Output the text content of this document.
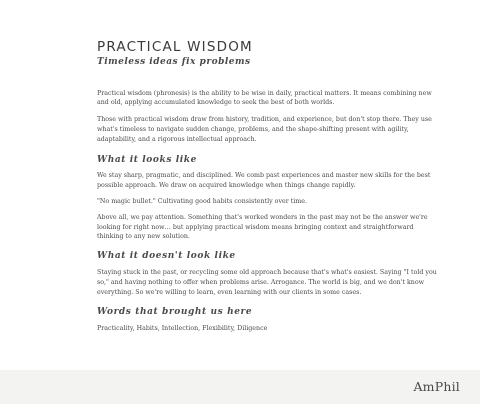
PRACTICAL WISDOM
Timeless ideas fix problems

Practical wisdom (phronesis) is the ability to be wise in daily, practical matters. It means combining new and old, applying accumulated knowledge to seek the best of both worlds.

Those with practical wisdom draw from history, tradition, and experience, but don't stop there. They use what's timeless to navigate sudden change, problems, and the shape-shifting present with agility, adaptability, and a rigorous intellectual approach.

What it looks like

We stay sharp, pragmatic, and disciplined. We comb past experiences and master new skills for the best possible approach. We draw on acquired knowledge when things change rapidly.

"No magic bullet." Cultivating good habits consistently over time.

Above all, we pay attention. Something that's worked wonders in the past may not be the answer we're looking for right now… but applying practical wisdom means bringing context and straightforward thinking to any new solution.

What it doesn't look like

Staying stuck in the past, or recycling some old approach because that's what's easiest. Saying "I told you so," and having nothing to offer when problems arise. Arrogance. The world is big, and we don't know everything. So we're willing to learn, even learning with our clients in some cases.

Words that brought us here

Practicality, Habits, Intellection, Flexibility, Diligence

AmPhil
